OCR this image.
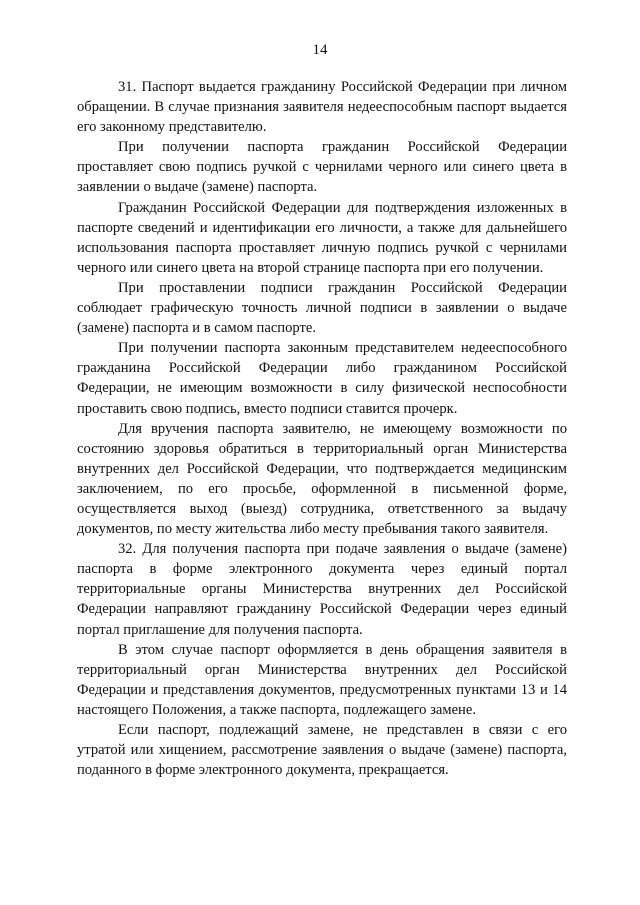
14

31. Паспорт выдается гражданину Российской Федерации при личном обращении. В случае признания заявителя недееспособным паспорт выдается его законному представителю.

При получении паспорта гражданин Российской Федерации проставляет свою подпись ручкой с чернилами черного или синего цвета в заявлении о выдаче (замене) паспорта.

Гражданин Российской Федерации для подтверждения изложенных в паспорте сведений и идентификации его личности, а также для дальнейшего использования паспорта проставляет личную подпись ручкой с чернилами черного или синего цвета на второй странице паспорта при его получении.

При проставлении подписи гражданин Российской Федерации соблюдает графическую точность личной подписи в заявлении о выдаче (замене) паспорта и в самом паспорте.

При получении паспорта законным представителем недееспособного гражданина Российской Федерации либо гражданином Российской Федерации, не имеющим возможности в силу физической неспособности проставить свою подпись, вместо подписи ставится прочерк.

Для вручения паспорта заявителю, не имеющему возможности по состоянию здоровья обратиться в территориальный орган Министерства внутренних дел Российской Федерации, что подтверждается медицинским заключением, по его просьбе, оформленной в письменной форме, осуществляется выход (выезд) сотрудника, ответственного за выдачу документов, по месту жительства либо месту пребывания такого заявителя.

32. Для получения паспорта при подаче заявления о выдаче (замене) паспорта в форме электронного документа через единый портал территориальные органы Министерства внутренних дел Российской Федерации направляют гражданину Российской Федерации через единый портал приглашение для получения паспорта.

В этом случае паспорт оформляется в день обращения заявителя в территориальный орган Министерства внутренних дел Российской Федерации и представления документов, предусмотренных пунктами 13 и 14 настоящего Положения, а также паспорта, подлежащего замене.

Если паспорт, подлежащий замене, не представлен в связи с его утратой или хищением, рассмотрение заявления о выдаче (замене) паспорта, поданного в форме электронного документа, прекращается.
